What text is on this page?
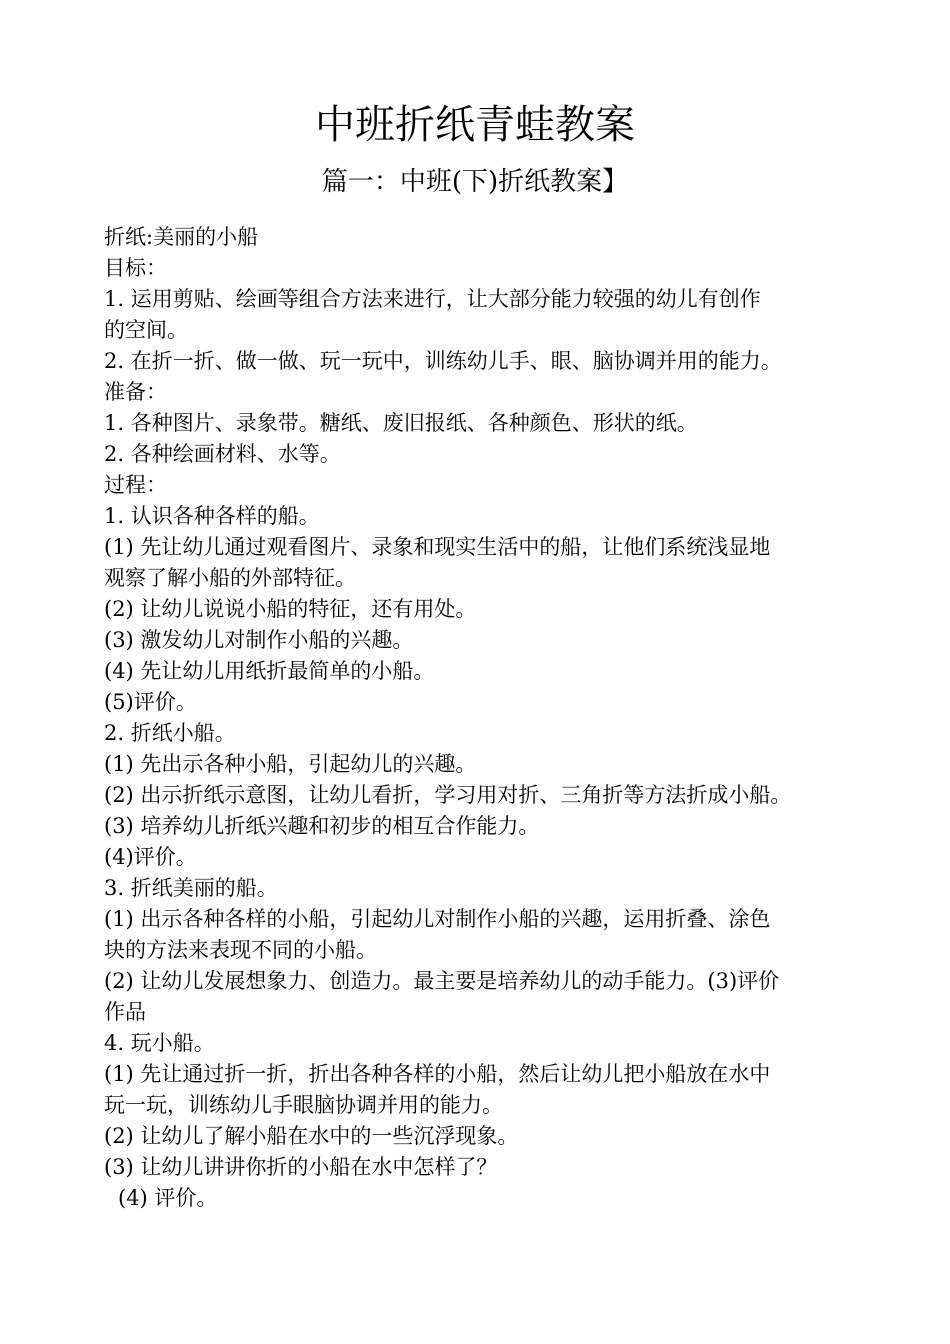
中班折纸青蛙教案
篇一：中班(下)折纸教案】

折纸:美丽的小船

目标：

1. 运用剪贴、绘画等组合方法来进行，让大部分能力较强的幼儿有创作

的空间。

2. 在折一折、做一做、玩一玩中，训练幼儿手、眼、脑协调并用的能力。

准备：

1. 各种图片、录象带。糖纸、废旧报纸、各种颜色、形状的纸。

2. 各种绘画材料、水等。

过程：

1. 认识各种各样的船。

(1) 先让幼儿通过观看图片、录象和现实生活中的船，让他们系统浅显地

观察了解小船的外部特征。

(2) 让幼儿说说小船的特征，还有用处。

(3) 激发幼儿对制作小船的兴趣。

(4) 先让幼儿用纸折最简单的小船。

(5)评价。

2. 折纸小船。

(1) 先出示各种小船，引起幼儿的兴趣。

(2) 出示折纸示意图，让幼儿看折，学习用对折、三角折等方法折成小船。

(3) 培养幼儿折纸兴趣和初步的相互合作能力。

(4)评价。

3. 折纸美丽的船。

(1) 出示各种各样的小船，引起幼儿对制作小船的兴趣，运用折叠、涂色

块的方法来表现不同的小船。

(2) 让幼儿发展想象力、创造力。最主要是培养幼儿的动手能力。(3)评价

作品

4. 玩小船。

(1) 先让通过折一折，折出各种各样的小船，然后让幼儿把小船放在水中

玩一玩，训练幼儿手眼脑协调并用的能力。

(2) 让幼儿了解小船在水中的一些沉浮现象。

(3) 让幼儿讲讲你折的小船在水中怎样了？

(4) 评价。
